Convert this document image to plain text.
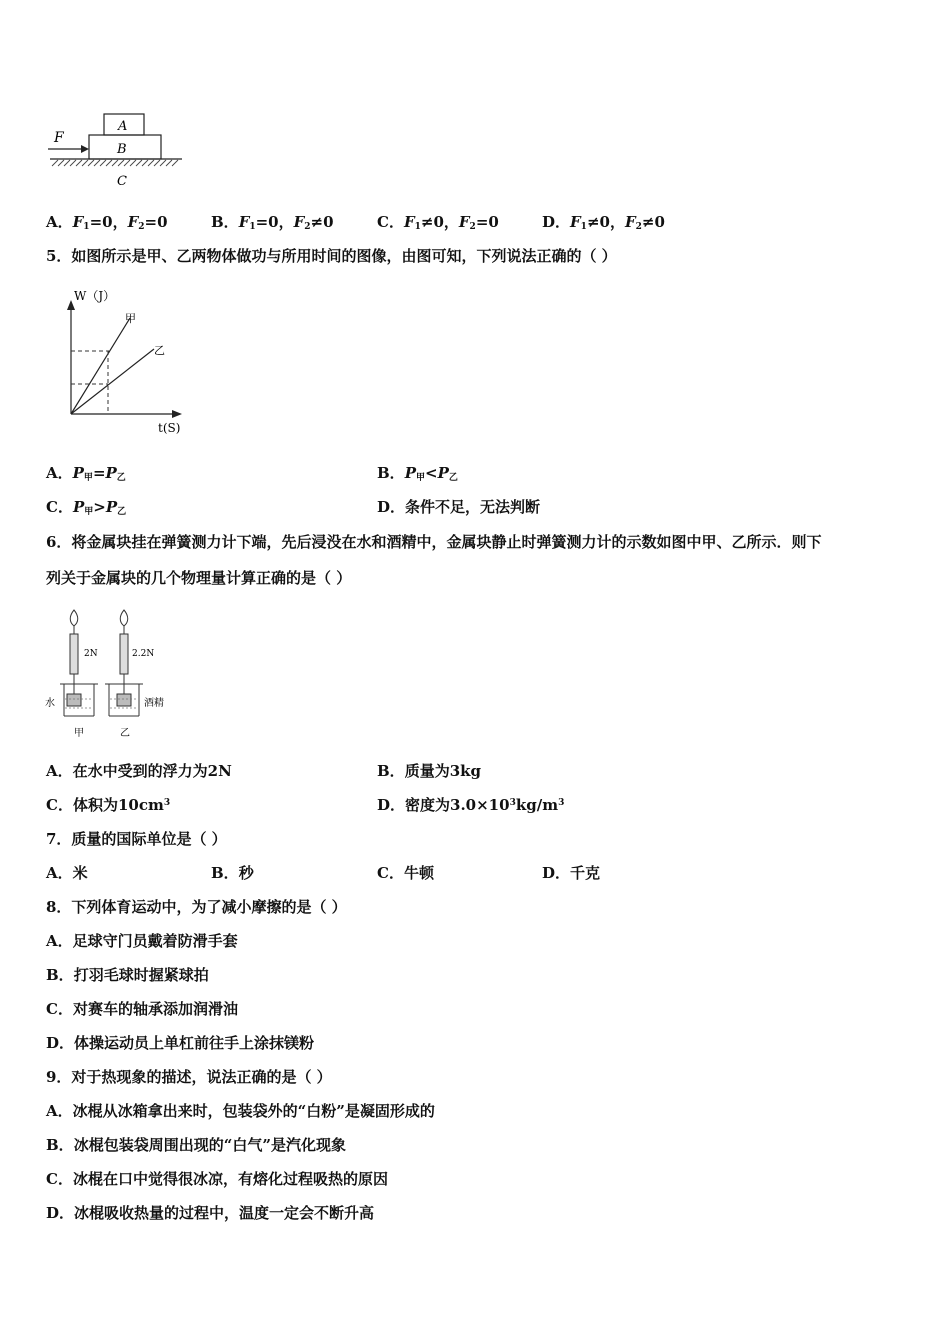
F
A
B
C
A．$F_1=0$，$F_2=0$	B．$F_1=0$，$F_2\ne 0$	C．$F_1\ne 0$，$F_2=0$	D．$F_1\ne 0$，$F_2\ne 0$
5．如图所示是甲、乙两物体做功与所用时间的图像，由图可知，下列说法正确的（ ）
W（J）
t(S)
甲
乙
A．$P_甲=P_乙$	B．$P_甲<P_乙$
C．$P_甲>P_乙$	D．条件不足，无法判断
6．将金属块挂在弹簧测力计下端，先后浸没在水和酒精中，金属块静止时弹簧测力计的示数如图中甲、乙所示．则下
列关于金属块的几个物理量计算正确的是（ ）
2N	2.2N
水	酒精
甲	乙
A．在水中受到的浮力为2N	B．质量为3kg
C．体积为$10cm^3$	D．密度为$3.0\times 10^3kg/m^3$
7．质量的国际单位是（ ）
A．米	B．秒	C．牛顿	D．千克
8．下列体育运动中，为了减小摩擦的是（ ）
A．足球守门员戴着防滑手套
B．打羽毛球时握紧球拍
C．对赛车的轴承添加润滑油
D．体操运动员上单杠前往手上涂抹镁粉
9．对于热现象的描述，说法正确的是（ ）
A．冰棍从冰箱拿出来时，包装袋外的“白粉”是凝固形成的
B．冰棍包装袋周围出现的“白气”是汽化现象
C．冰棍在口中觉得很冰凉，有熔化过程吸热的原因
D．冰棍吸收热量的过程中，温度一定会不断升高
